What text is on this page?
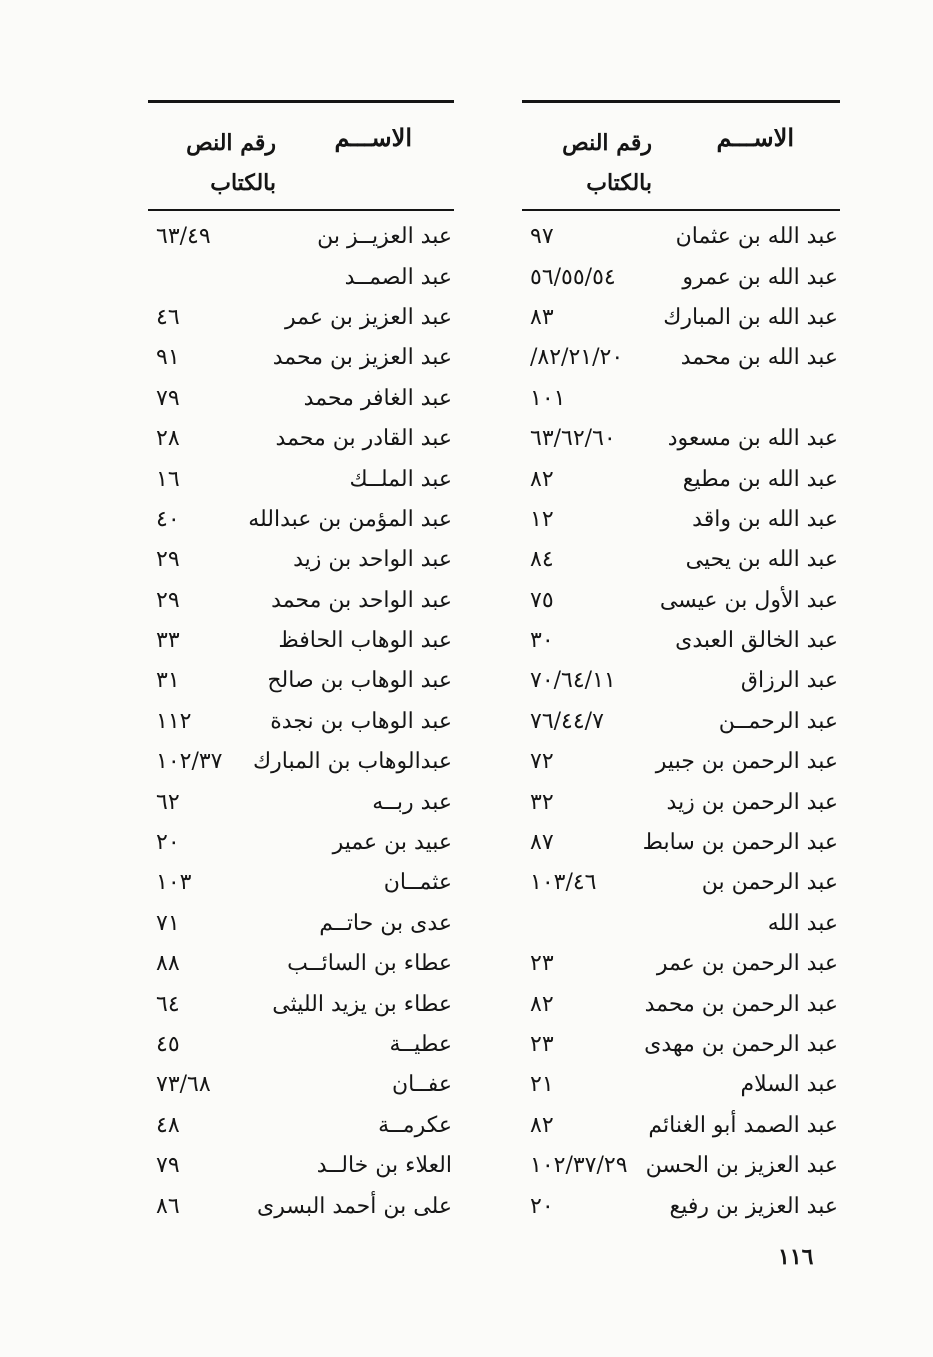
الاســـم
رقم النص
بالكتاب
عبد الله بن عثمان
٩٧
عبد الله بن عمرو
٥٦/٥٥/٥٤
عبد الله بن المبارك
٨٣
عبد الله بن محمد
/٨٢/٢١/٢٠
١٠١
عبد الله بن مسعود
٦٣/٦٢/٦٠
عبد الله بن مطيع
٨٢
عبد الله بن واقد
١٢
عبد الله بن يحيى
٨٤
عبد الأول بن عيسى
٧٥
عبد الخالق العبدى
٣٠
عبد الرزاق
٧٠/٦٤/١١
عبد الرحمــن
٧٦/٤٤/٧
عبد الرحمن بن جبير
٧٢
عبد الرحمن بن زيد
٣٢
عبد الرحمن بن سابط
٨٧
عبد الرحمن بن
١٠٣/٤٦
عبد الله
عبد الرحمن بن عمر
٢٣
عبد الرحمن بن محمد
٨٢
عبد الرحمن بن مهدى
٢٣
عبد السلام
٢١
عبد الصمد أبو الغنائم
٨٢
عبد العزيز بن الحسن
١٠٢/٣٧/٢٩
عبد العزيز بن رفيع
٢٠
الاســـم
رقم النص
بالكتاب
عبد العزيــز بن
٦٣/٤٩
عبد الصمــد
عبد العزيز بن عمر
٤٦
عبد العزيز بن محمد
٩١
عبد الغافر محمد
٧٩
عبد القادر بن محمد
٢٨
عبد الملــك
١٦
عبد المؤمن بن عبدالله
٤٠
عبد الواحد بن زيد
٢٩
عبد الواحد بن محمد
٢٩
عبد الوهاب الحافظ
٣٣
عبد الوهاب بن صالح
٣١
عبد الوهاب بن نجدة
١١٢
عبدالوهاب بن المبارك
١٠٢/٣٧
عبد ربــه
٦٢
عبيد بن عمير
٢٠
عثمــان
١٠٣
عدى بن حاتــم
٧١
عطاء بن السائــب
٨٨
عطاء بن يزيد الليثى
٦٤
عطيــة
٤٥
عفــان
٧٣/٦٨
عكرمــة
٤٨
العلاء بن خالــد
٧٩
على بن أحمد البسرى
٨٦
١١٦
